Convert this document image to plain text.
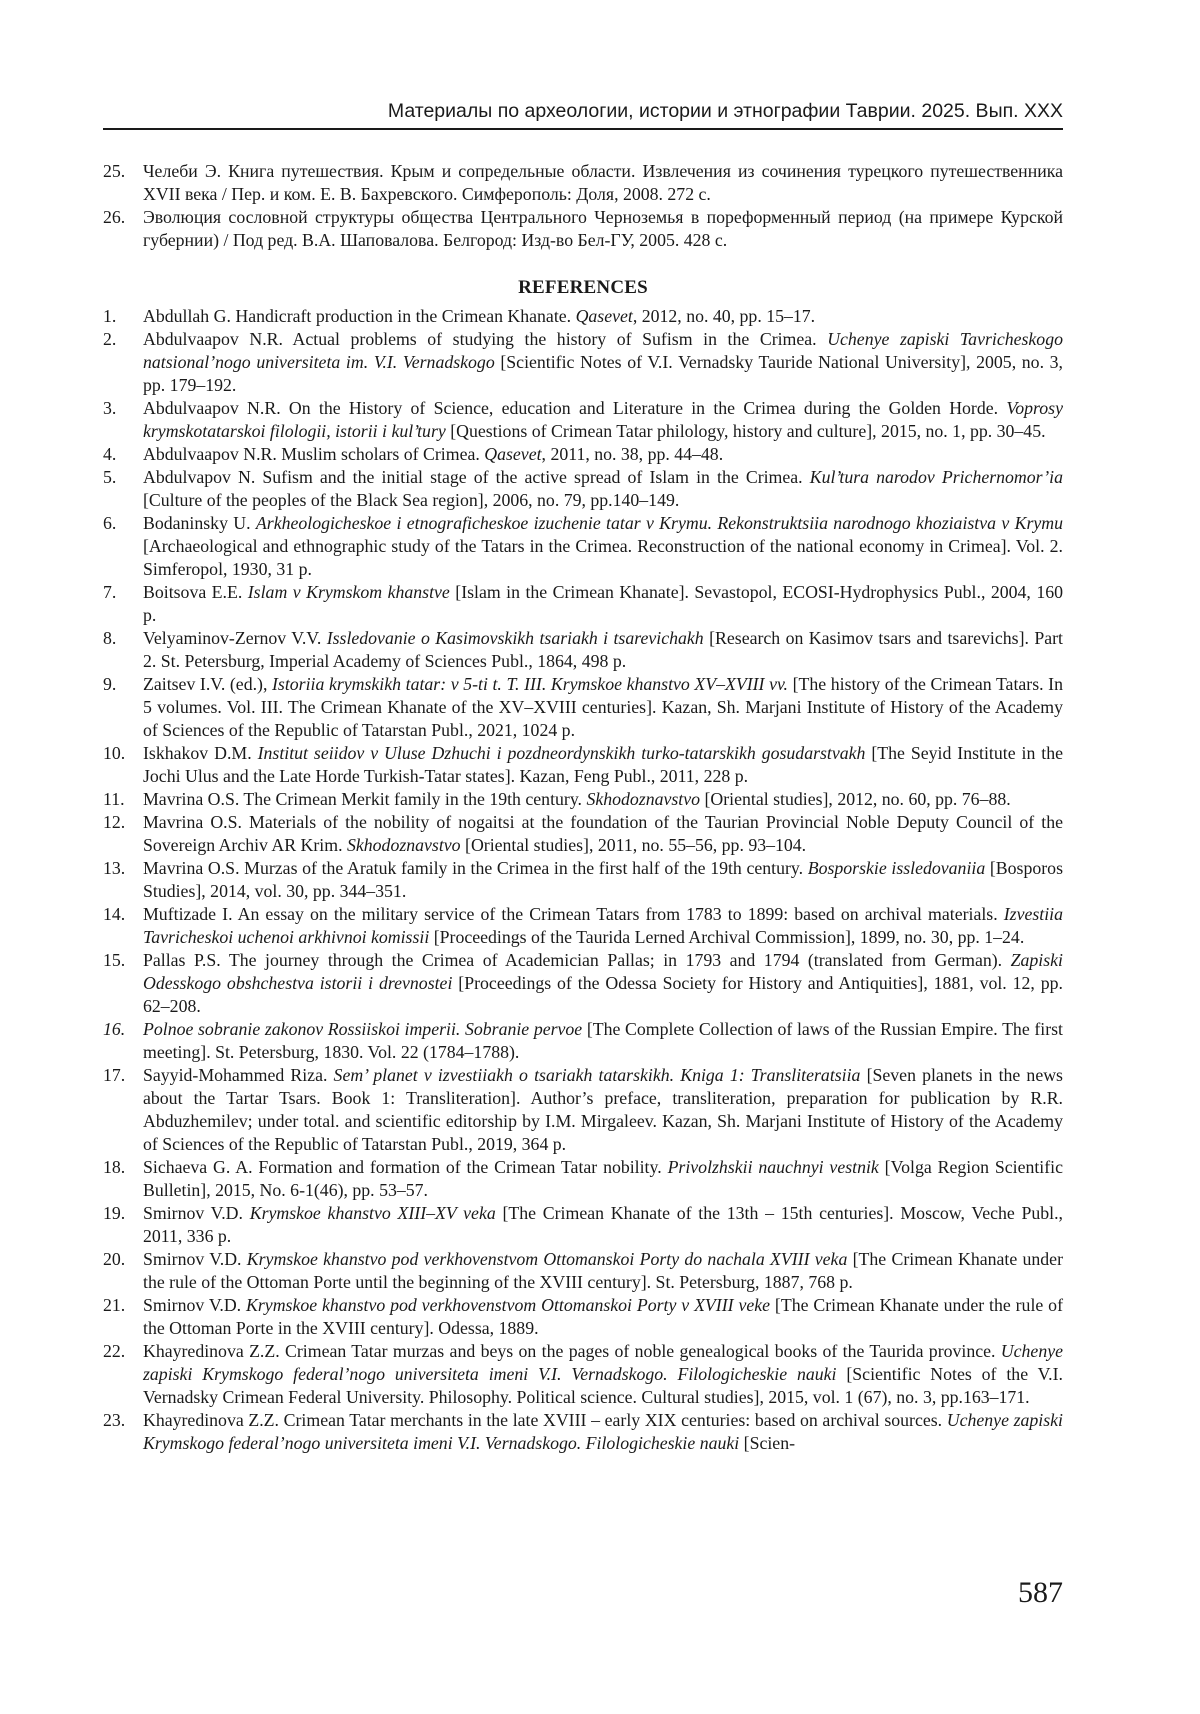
Материалы по археологии, истории и этнографии Таврии. 2025. Вып. XXX
25. Челеби Э. Книга путешествия. Крым и сопредельные области. Извлечения из сочинения турецкого путешественника XVII века / Пер. и ком. Е. В. Бахревского. Симферополь: Доля, 2008. 272 с.
26. Эволюция сословной структуры общества Центрального Черноземья в пореформенный период (на примере Курской губернии) / Под ред. В.А. Шаповалова. Белгород: Изд-во Бел-ГУ, 2005. 428 с.
REFERENCES
1.	Abdullah G. Handicraft production in the Crimean Khanate. Qasevet, 2012, no. 40, pp. 15–17.
2.	Abdulvaapov N.R. Actual problems of studying the history of Sufism in the Crimea. Uchenye zapiski Tavricheskogo natsional’nogo universiteta im. V.I. Vernadskogo [Scientific Notes of V.I. Vernadsky Tauride National University], 2005, no. 3, pp. 179–192.
3.	Abdulvaapov N.R. On the History of Science, education and Literature in the Crimea during the Golden Horde. Voprosy krymskotatarskoi filologii, istorii i kul’tury [Questions of Crimean Tatar philology, history and culture], 2015, no. 1, pp. 30–45.
4.	Abdulvaapov N.R. Muslim scholars of Crimea. Qasevet, 2011, no. 38, pp. 44–48.
5.	Abdulvapov N. Sufism and the initial stage of the active spread of Islam in the Crimea. Kul’tura narodov Prichernomor’ia [Culture of the peoples of the Black Sea region], 2006, no. 79, pp.140–149.
6.	Bodaninsky U. Arkheologicheskoe i etnograficheskoe izuchenie tatar v Krymu. Rekonstruktsiia narodnogo khoziaistva v Krymu [Archaeological and ethnographic study of the Tatars in the Crimea. Reconstruction of the national economy in Crimea]. Vol. 2. Simferopol, 1930, 31 p.
7.	Boitsova E.E. Islam v Krymskom khanstve [Islam in the Crimean Khanate]. Sevastopol, ECOSI-Hydrophysics Publ., 2004, 160 p.
8.	Velyaminov-Zernov V.V. Issledovanie o Kasimovskikh tsariakh i tsarevichakh [Research on Kasimov tsars and tsarevichs]. Part 2. St. Petersburg, Imperial Academy of Sciences Publ., 1864, 498 p.
9.	Zaitsev I.V. (ed.), Istoriia krymskikh tatar: v 5-ti t. T. III. Krymskoe khanstvo XV–XVIII vv. [The history of the Crimean Tatars. In 5 volumes. Vol. III. The Crimean Khanate of the XV–XVIII centuries]. Kazan, Sh. Marjani Institute of History of the Academy of Sciences of the Republic of Tatarstan Publ., 2021, 1024 p.
10. Iskhakov D.M. Institut seiidov v Uluse Dzhuchi i pozdneordynskikh turko-tatarskikh gosudarstvakh [The Seyid Institute in the Jochi Ulus and the Late Horde Turkish-Tatar states]. Kazan, Feng Publ., 2011, 228 p.
11.	Mavrina O.S. The Crimean Merkit family in the 19th century. Skhodoznavstvo [Oriental studies], 2012, no. 60, pp. 76–88.
12. Mavrina O.S. Materials of the nobility of nogaitsi at the foundation of the Taurian Provincial Noble Deputy Council of the Sovereign Archiv AR Krim. Skhodoznavstvo [Oriental studies], 2011, no. 55–56, pp. 93–104.
13. Mavrina O.S. Murzas of the Aratuk family in the Crimea in the first half of the 19th century. Bosporskie issledovaniia [Bosporos Studies], 2014, vol. 30, pp. 344–351.
14. Muftizade I. An essay on the military service of the Crimean Tatars from 1783 to 1899: based on archival materials. Izvestiia Tavricheskoi uchenoi arkhivnoi komissii [Proceedings of the Taurida Lerned Archival Commission], 1899, no. 30, pp. 1–24.
15. Pallas P.S. The journey through the Crimea of Academician Pallas; in 1793 and 1794 (translated from German). Zapiski Odesskogo obshchestva istorii i drevnostei [Proceedings of the Odessa Society for History and Antiquities], 1881, vol. 12, pp. 62–208.
16. Polnoe sobranie zakonov Rossiiskoi imperii. Sobranie pervoe [The Complete Collection of laws of the Russian Empire. The first meeting]. St. Petersburg, 1830. Vol. 22 (1784–1788).
17. Sayyid-Mohammed Riza. Sem’ planet v izvestiiakh o tsariakh tatarskikh. Kniga 1: Transliteratsiia [Seven planets in the news about the Tartar Tsars. Book 1: Transliteration]. Author’s preface, transliteration, preparation for publication by R.R. Abduzhemilev; under total. and scientific editorship by I.M. Mirgaleev. Kazan, Sh. Marjani Institute of History of the Academy of Sciences of the Republic of Tatarstan Publ., 2019, 364 p.
18. Sichaeva G. A. Formation and formation of the Crimean Tatar nobility. Privolzhskii nauchnyi vestnik [Volga Region Scientific Bulletin], 2015, No. 6-1(46), pp. 53–57.
19. Smirnov V.D. Krymskoe khanstvo XIII–XV veka [The Crimean Khanate of the 13th – 15th centuries]. Moscow, Veche Publ., 2011, 336 p.
20. Smirnov V.D. Krymskoe khanstvo pod verkhovenstvom Ottomanskoi Porty do nachala XVIII veka [The Crimean Khanate under the rule of the Ottoman Porte until the beginning of the XVIII century]. St. Petersburg, 1887, 768 p.
21. Smirnov V.D. Krymskoe khanstvo pod verkhovenstvom Ottomanskoi Porty v XVIII veke [The Crimean Khanate under the rule of the Ottoman Porte in the XVIII century]. Odessa, 1889.
22. Khayredinova Z.Z. Crimean Tatar murzas and beys on the pages of noble genealogical books of the Taurida province. Uchenye zapiski Krymskogo federal’nogo universiteta imeni V.I. Vernadskogo. Filologicheskie nauki [Scientific Notes of the V.I. Vernadsky Crimean Federal University. Philosophy. Political science. Cultural studies], 2015, vol. 1 (67), no. 3, pp.163–171.
23. Khayredinova Z.Z. Crimean Tatar merchants in the late XVIII – early XIX centuries: based on archival sources. Uchenye zapiski Krymskogo federal’nogo universiteta imeni V.I. Vernadskogo. Filologicheskie nauki [Scien-
587
